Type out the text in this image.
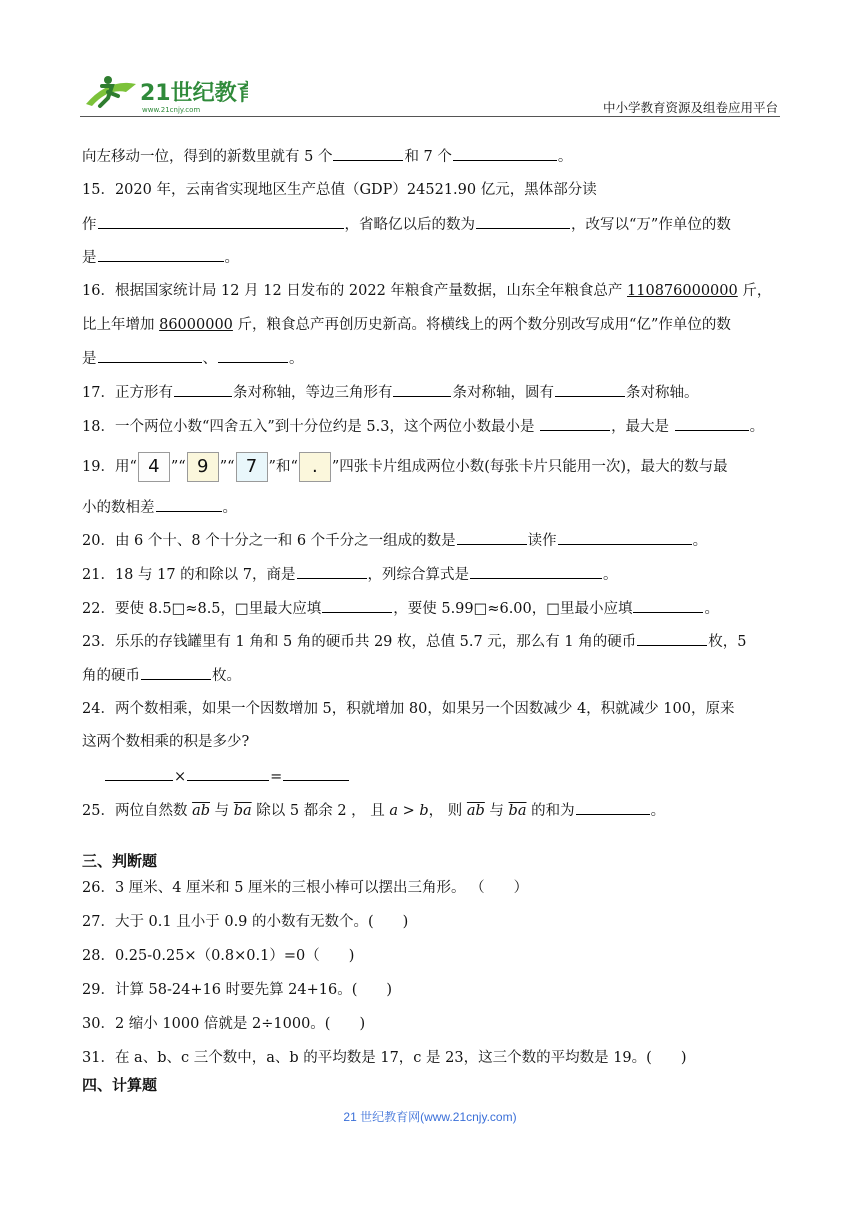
21世纪教育
www.21cnjy.com	中小学教育资源及组卷应用平台
向左移动一位，得到的新数里就有 5 个	和 7 个	。
15．2020 年，云南省实现地区生产总值（GDP）24521.90 亿元，黑体部分读
作	，省略亿以后的数为	，改写以“万”作单位的数
是	。
16．根据国家统计局 12 月 12 日发布的 2022 年粮食产量数据，山东全年粮食总产 110876000000 斤，
比上年增加 86000000 斤，粮食总产再创历史新高。将横线上的两个数分别改写成用“亿”作单位的数
是	、	。
17．正方形有	条对称轴，等边三角形有	条对称轴，圆有	条对称轴。
18．一个两位小数“四舍五入”到十分位约是 5.3，这个两位小数最小是	，最大是	。
19．用“ 4 ”“ 9 ”“ 7 ”和“ . ”四张卡片组成两位小数(每张卡片只能用一次)，最大的数与最
小的数相差	。
20．由 6 个十、8 个十分之一和 6 个千分之一组成的数是	读作	。
21．18 与 17 的和除以 7，商是	，列综合算式是	。
22．要使 8.5□≈8.5，□里最大应填	，要使 5.99□≈6.00，□里最小应填	。
23．乐乐的存钱罐里有 1 角和 5 角的硬币共 29 枚，总值 5.7 元，那么有 1 角的硬币	枚，5
角的硬币	枚。
24．两个数相乘，如果一个因数增加 5，积就增加 80，如果另一个因数减少 4，积就减少 100，原来
这两个数相乘的积是多少?
×	=
25．两位自然数 $\overline{ab}$ 与 $\overline{ba}$ 除以 5 都余 2 ， 且 a > b， 则 $\overline{ab}$ 与 $\overline{ba}$ 的和为	。
三、判断题
26．3 厘米、4 厘米和 5 厘米的三根小棒可以摆出三角形。 （　　）
27．大于 0.1 且小于 0.9 的小数有无数个。(　　)
28．0.25-0.25×（0.8×0.1）=0（　　)
29．计算 58-24+16 时要先算 24+16。(　　)
30．2 缩小 1000 倍就是 2÷1000。(　　)
31．在 a、b、c 三个数中，a、b 的平均数是 17，c 是 23，这三个数的平均数是 19。(　　)
四、计算题
21 世纪教育网(www.21cnjy.com)
